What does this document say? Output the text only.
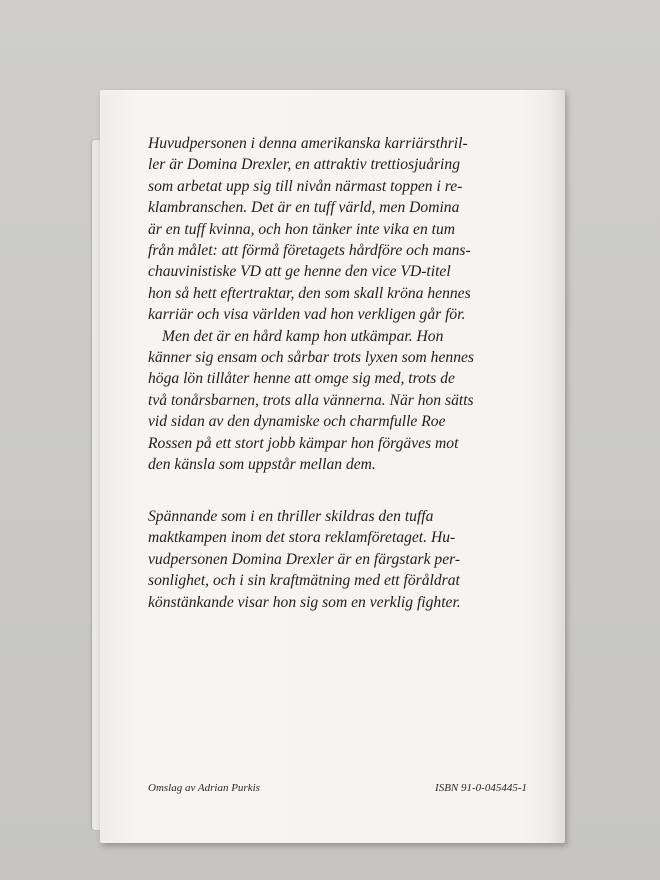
Huvudpersonen i denna amerikanska karriärsthril-
ler är Domina Drexler, en attraktiv trettiosjuåring
som arbetat upp sig till nivån närmast toppen i re-
klambranschen. Det är en tuff värld, men Domina
är en tuff kvinna, och hon tänker inte vika en tum
från målet: att förmå företagets hårdföre och mans-
chauvinistiske VD att ge henne den vice VD-titel
hon så hett eftertraktar, den som skall kröna hennes
karriär och visa världen vad hon verkligen går för.

Men det är en hård kamp hon utkämpar. Hon
känner sig ensam och sårbar trots lyxen som hennes
höga lön tillåter henne att omge sig med, trots de
två tonårsbarnen, trots alla vännerna. När hon sätts
vid sidan av den dynamiske och charmfulle Roe
Rossen på ett stort jobb kämpar hon förgäves mot
den känsla som uppstår mellan dem.

Spännande som i en thriller skildras den tuffa
maktkampen inom det stora reklamföretaget. Hu-
vudpersonen Domina Drexler är en färgstark per-
sonlighet, och i sin kraftmätning med ett föråldrat
könstänkande visar hon sig som en verklig fighter.

Omslag av Adrian Purkis	ISBN 91-0-045445-1
